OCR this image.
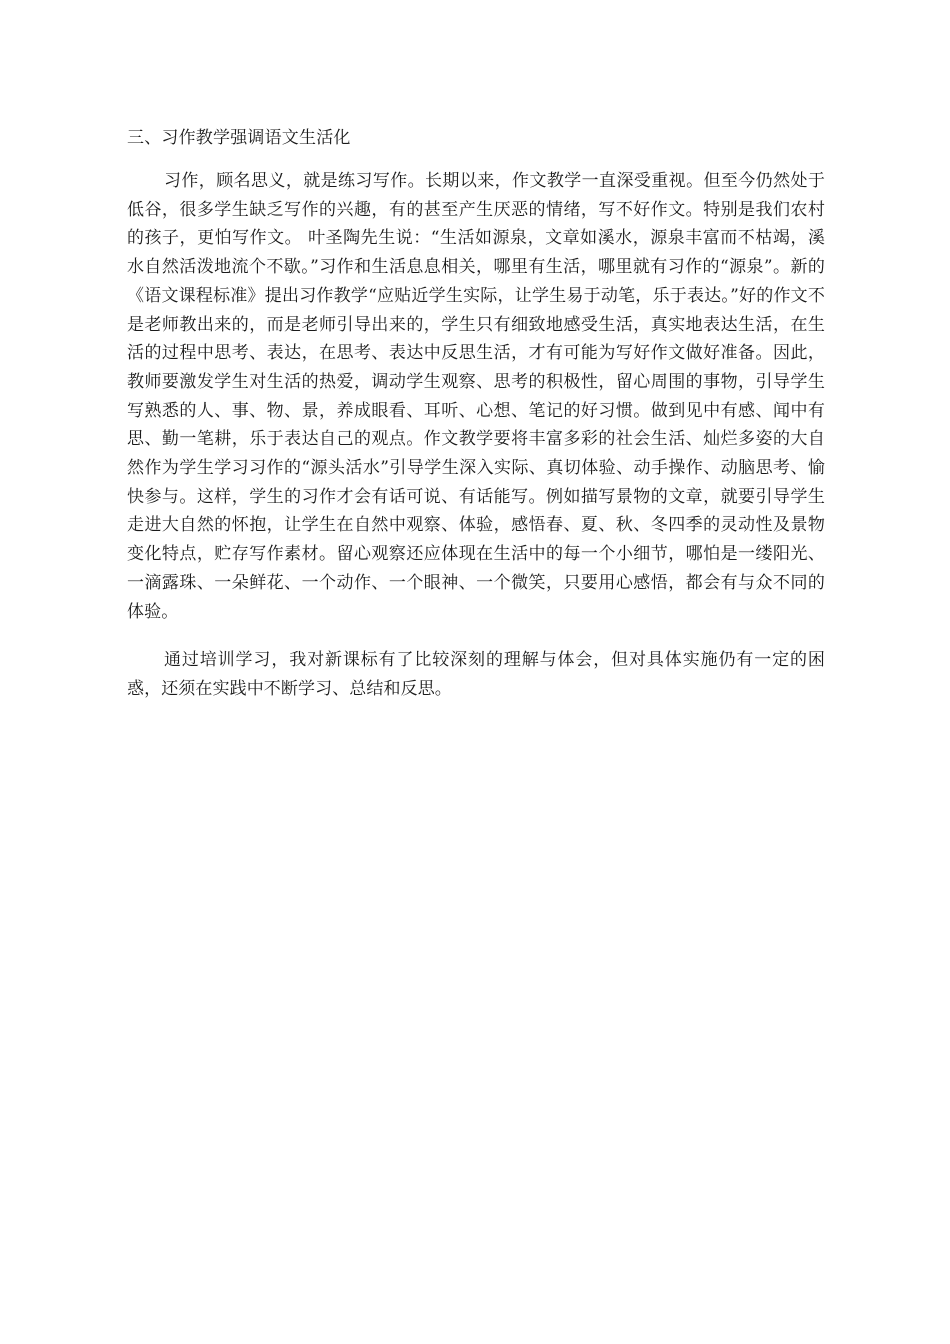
三、习作教学强调语文生活化

习作，顾名思义，就是练习写作。长期以来，作文教学一直深受重视。但至今仍然处于低谷，很多学生缺乏写作的兴趣，有的甚至产生厌恶的情绪，写不好作文。特别是我们农村的孩子，更怕写作文。 叶圣陶先生说：“生活如源泉，文章如溪水，源泉丰富而不枯竭，溪水自然活泼地流个不歇。”习作和生活息息相关，哪里有生活，哪里就有习作的“源泉”。新的《语文课程标准》提出习作教学“应贴近学生实际，让学生易于动笔，乐于表达。”好的作文不是老师教出来的，而是老师引导出来的，学生只有细致地感受生活，真实地表达生活，在生活的过程中思考、表达，在思考、表达中反思生活，才有可能为写好作文做好准备。因此，教师要激发学生对生活的热爱，调动学生观察、思考的积极性，留心周围的事物，引导学生写熟悉的人、事、物、景，养成眼看、耳听、心想、笔记的好习惯。做到见中有感、闻中有思、勤一笔耕，乐于表达自己的观点。作文教学要将丰富多彩的社会生活、灿烂多姿的大自然作为学生学习习作的“源头活水”引导学生深入实际、真切体验、动手操作、动脑思考、愉快参与。这样，学生的习作才会有话可说、有话能写。例如描写景物的文章，就要引导学生走进大自然的怀抱，让学生在自然中观察、体验，感悟春、夏、秋、冬四季的灵动性及景物变化特点，贮存写作素材。留心观察还应体现在生活中的每一个小细节，哪怕是一缕阳光、一滴露珠、一朵鲜花、一个动作、一个眼神、一个微笑，只要用心感悟，都会有与众不同的体验。

通过培训学习，我对新课标有了比较深刻的理解与体会，但对具体实施仍有一定的困惑，还须在实践中不断学习、总结和反思。
